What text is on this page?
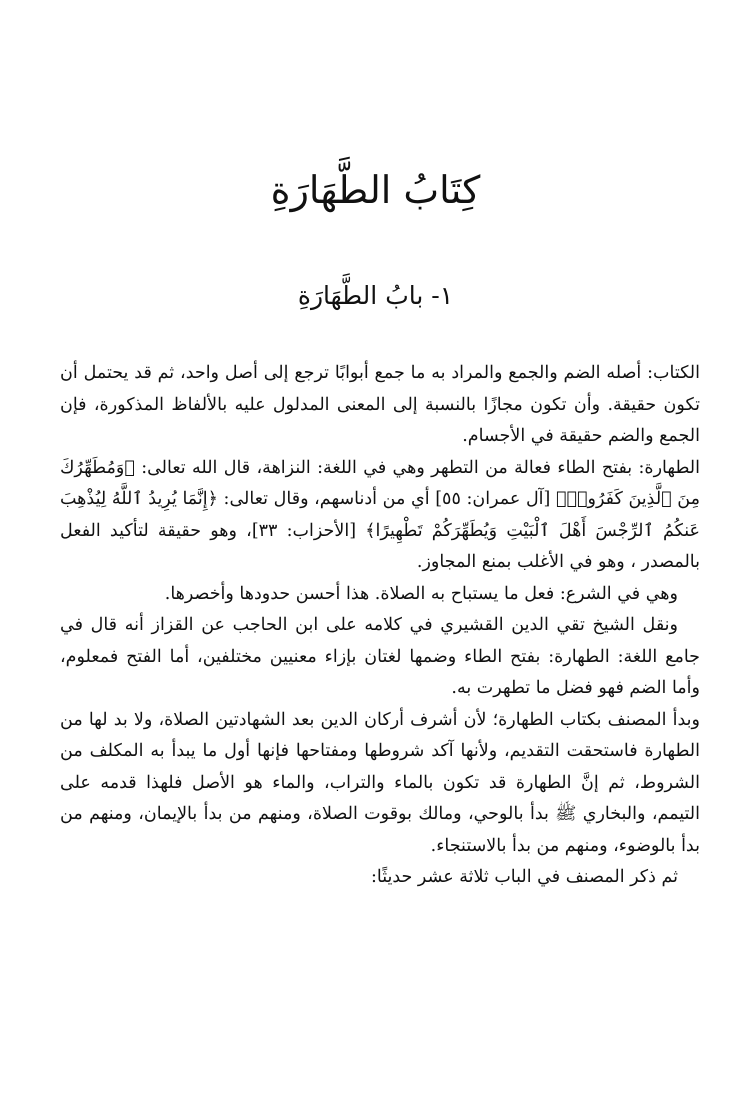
كِتَابُ الطَّهَارَةِ
١- بابُ الطَّهَارَةِ

الكتاب: أصله الضم والجمع والمراد به ما جمع أبوابًا ترجع إلى أصل واحد، ثم قد يحتمل أن تكون حقيقة. وأن تكون مجازًا بالنسبة إلى المعنى المدلول عليه بالألفاظ المذكورة، فإن الجمع والضم حقيقة في الأجسام.

الطهارة: بفتح الطاء فعالة من التطهر وهي في اللغة: النزاهة، قال الله تعالى: ﴿وَمُطَهِّرُكَ مِنَ ٱلَّذِينَ كَفَرُوا۟﴾ [آل عمران: ٥٥] أي من أدناسهم، وقال تعالى: ﴿إِنَّمَا يُرِيدُ ٱللَّهُ لِيُذْهِبَ عَنكُمُ ٱلرِّجْسَ أَهْلَ ٱلْبَيْتِ وَيُطَهِّرَكُمْ تَطْهِيرًا﴾ [الأحزاب: ٣٣]، وهو حقيقة لتأكيد الفعل بالمصدر ، وهو في الأغلب بمنع المجاوز.

وهي في الشرع: فعل ما يستباح به الصلاة. هذا أحسن حدودها وأخصرها.

ونقل الشيخ تقي الدين القشيري في كلامه على ابن الحاجب عن القزاز أنه قال في جامع اللغة: الطهارة: بفتح الطاء وضمها لغتان بإزاء معنيين مختلفين، أما الفتح فمعلوم، وأما الضم فهو فضل ما تطهرت به.

وبدأ المصنف بكتاب الطهارة؛ لأن أشرف أركان الدين بعد الشهادتين الصلاة، ولا بد لها من الطهارة فاستحقت التقديم، ولأنها آكد شروطها ومفتاحها فإنها أول ما يبدأ به المكلف من الشروط، ثم إنَّ الطهارة قد تكون بالماء والتراب، والماء هو الأصل فلهذا قدمه على التيمم، والبخاري ﷺ بدأ بالوحي، ومالك بوقوت الصلاة، ومنهم من بدأ بالإيمان، ومنهم من بدأ بالوضوء، ومنهم من بدأ بالاستنجاء.

ثم ذكر المصنف في الباب ثلاثة عشر حديثًا:
